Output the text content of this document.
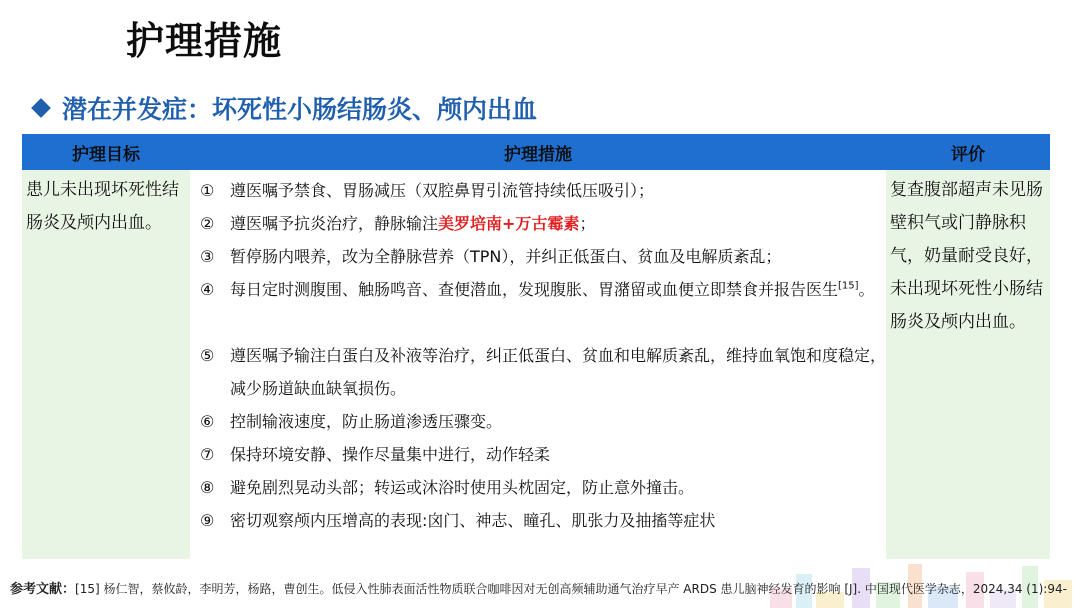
护理措施
潜在并发症：坏死性小肠结肠炎、颅内出血
护理目标	护理措施	评价
患儿未出现坏死性结肠炎及颅内出血。
① 遵医嘱予禁食、胃肠减压（双腔鼻胃引流管持续低压吸引）；
② 遵医嘱予抗炎治疗，静脉输注美罗培南+万古霉素；
③ 暂停肠内喂养，改为全静脉营养（TPN），并纠正低蛋白、贫血及电解质紊乱；
④ 每日定时测腹围、触肠鸣音、查便潜血，发现腹胀、胃潴留或血便立即禁食并报告医生[15]。
⑤ 遵医嘱予输注白蛋白及补液等治疗，纠正低蛋白、贫血和电解质紊乱，维持血氧饱和度稳定，减少肠道缺血缺氧损伤。
⑥ 控制输液速度，防止肠道渗透压骤变。
⑦ 保持环境安静、操作尽量集中进行，动作轻柔
⑧ 避免剧烈晃动头部；转运或沐浴时使用头枕固定，防止意外撞击。
⑨ 密切观察颅内压增高的表现:囟门、神志、瞳孔、肌张力及抽搐等症状
复查腹部超声未见肠壁积气或门静脉积气，奶量耐受良好，未出现坏死性小肠结肠炎及颅内出血。
参考文献：[15] 杨仁智，蔡攸龄，李明芳，杨路，曹创生。低侵入性肺表面活性物质联合咖啡因对无创高频辅助通气治疗早产 ARDS 患儿脑神经发育的影响 [J]. 中国现代医学杂志，2024,34 (1):94-
